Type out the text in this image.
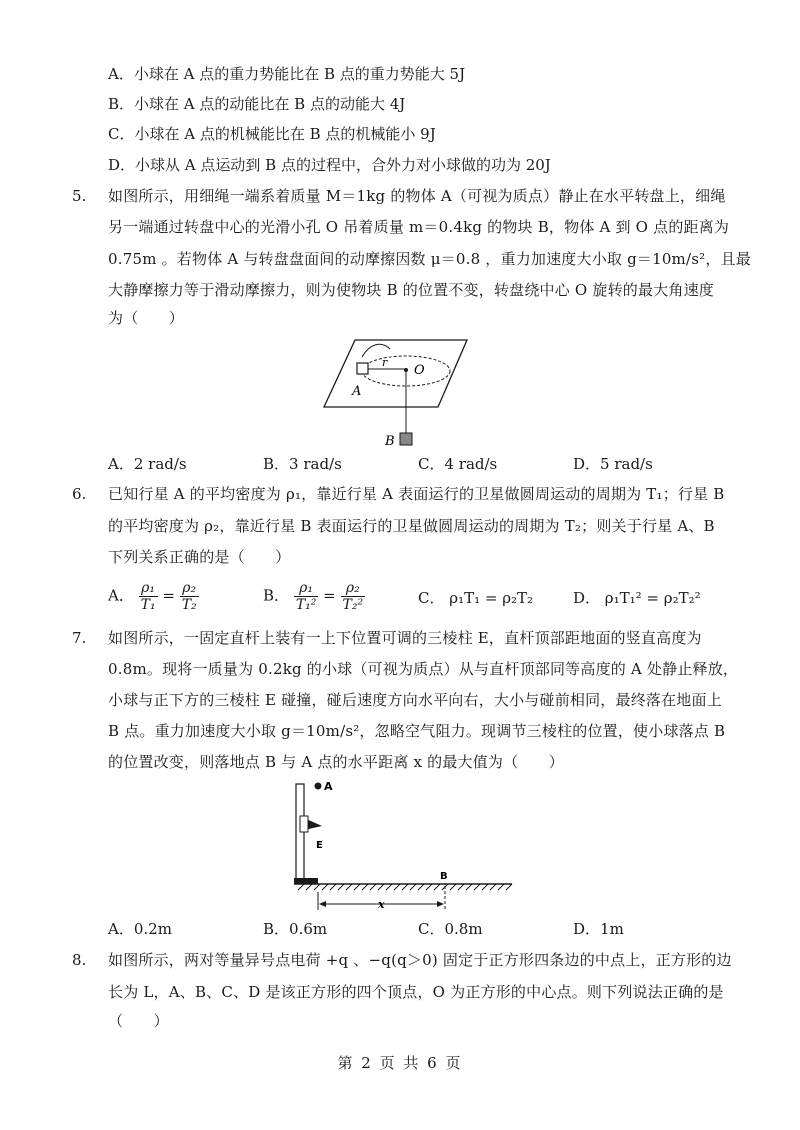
A．小球在 A 点的重力势能比在 B 点的重力势能大 5J
B．小球在 A 点的动能比在 B 点的动能大 4J
C．小球在 A 点的机械能比在 B 点的机械能小 9J
D．小球从 A 点运动到 B 点的过程中，合外力对小球做的功为 20J
5. 如图所示，用细绳一端系着质量 M＝1kg 的物体 A（可视为质点）静止在水平转盘上，细绳
另一端通过转盘中心的光滑小孔 O 吊着质量 m＝0.4kg 的物块 B，物体 A 到 O 点的距离为
0.75m 。若物体 A 与转盘盘面间的动摩擦因数 μ＝0.8 ，重力加速度大小取 g＝10m/s²，且最
大静摩擦力等于滑动摩擦力，则为使物块 B 的位置不变，转盘绕中心 O 旋转的最大角速度
为（　　）
A
O
r
B
A．2 rad/s	B．3 rad/s	C．4 rad/s	D．5 rad/s
6. 已知行星 A 的平均密度为 ρ₁，靠近行星 A 表面运行的卫星做圆周运动的周期为 T₁；行星 B
的平均密度为 ρ₂，靠近行星 B 表面运行的卫星做圆周运动的周期为 T₂；则关于行星 A、B
下列关系正确的是（　　）
A． $\frac{\text{ρ₁}}{\text{T₁}} = \frac{\text{ρ₂}}{\text{T₂}}$	B． $\frac{\text{ρ₁}}{\text{T₁²}} = \frac{\text{ρ₂}}{\text{T₂²}}$	C． ρ₁T₁ = ρ₂T₂	D． ρ₁T₁² = ρ₂T₂²
7. 如图所示，一固定直杆上装有一上下位置可调的三棱柱 E，直杆顶部距地面的竖直高度为
0.8m。现将一质量为 0.2kg 的小球（可视为质点）从与直杆顶部同等高度的 A 处静止释放，
小球与正下方的三棱柱 E 碰撞，碰后速度方向水平向右，大小与碰前相同，最终落在地面上
B 点。重力加速度大小取 g＝10m/s²，忽略空气阻力。现调节三棱柱的位置，使小球落点 B
的位置改变，则落地点 B 与 A 点的水平距离 x 的最大值为（　　）
A
E
B
x
A．0.2m	B．0.6m	C．0.8m	D．1m
8. 如图所示，两对等量异号点电荷 +q 、−q(q＞0) 固定于正方形四条边的中点上，正方形的边
长为 L，A、B、C、D 是该正方形的四个顶点，O 为正方形的中心点。则下列说法正确的是
（　　）
第 2 页 共 6 页
